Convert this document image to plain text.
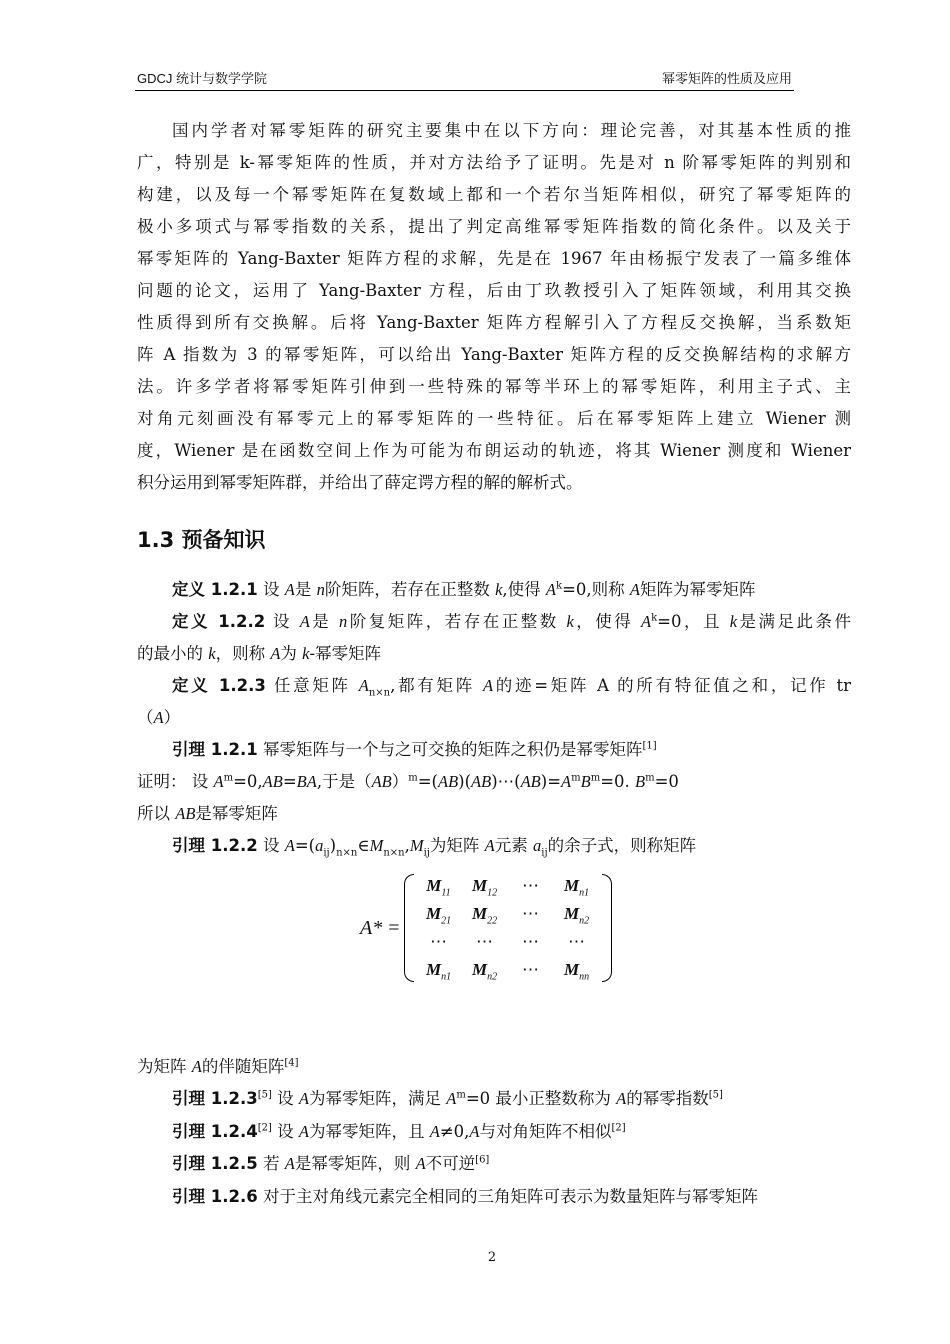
GDCJ 统计与数学学院	幂零矩阵的性质及应用
国内学者对幂零矩阵的研究主要集中在以下方向：理论完善，对其基本性质的推
广，特别是 k-幂零矩阵的性质，并对方法给予了证明。先是对 n 阶幂零矩阵的判别和
构建，以及每一个幂零矩阵在复数域上都和一个若尔当矩阵相似，研究了幂零矩阵的
极小多项式与幂零指数的关系，提出了判定高维幂零矩阵指数的简化条件。以及关于
幂零矩阵的 Yang-Baxter 矩阵方程的求解，先是在 1967 年由杨振宁发表了一篇多维体
问题的论文，运用了 Yang-Baxter 方程，后由丁玖教授引入了矩阵领域，利用其交换
性质得到所有交换解。后将 Yang-Baxter 矩阵方程解引入了方程反交换解，当系数矩
阵 A 指数为 3 的幂零矩阵，可以给出 Yang-Baxter 矩阵方程的反交换解结构的求解方
法。许多学者将幂零矩阵引伸到一些特殊的幂等半环上的幂零矩阵，利用主子式、主
对角元刻画没有幂零元上的幂零矩阵的一些特征。后在幂零矩阵上建立 Wiener 测
度，Wiener 是在函数空间上作为可能为布朗运动的轨迹，将其 Wiener 测度和 Wiener
积分运用到幂零矩阵群，并给出了薛定谔方程的解的解析式。
1.3 预备知识
定义 1.2.1 设 A是 n阶矩阵，若存在正整数 k,使得 $A^k=0$,则称 A矩阵为幂零矩阵
定义 1.2.2 设 A是 n阶复矩阵，若存在正整数 k，使得 $A^k=0$，且 k是满足此条件
的最小的 k，则称 A为 k-幂零矩阵
定义 1.2.3 任意矩阵 $A_{n\times n}$,都有矩阵 A的迹=矩阵 A 的所有特征值之和，记作 tr
（A）
引理 1.2.1 幂零矩阵与一个与之可交换的矩阵之积仍是幂零矩阵[1]
证明： 设 $A^m=0,AB=BA$,于是$(AB)^m=(AB)(AB)\cdots(AB)=A^mB^m=0$. $B^m=0$
所以 AB是幂零矩阵
引理 1.2.2 设 $A=(a_{ij})_{n\times n}\in M_{n\times n},M_{ij}$为矩阵 A元素 $a_{ij}$的余子式，则称矩阵
为矩阵 A的伴随矩阵[4]
引理 1.2.3[5] 设 A为幂零矩阵，满足 $A^m=0$ 最小正整数称为 A的幂零指数[5]
引理 1.2.4[2] 设 A为幂零矩阵，且 A≠0,A与对角矩阵不相似[2]
引理 1.2.5 若 A是幂零矩阵，则 A不可逆[6]
引理 1.2.6 对于主对角线元素完全相同的三角矩阵可表示为数量矩阵与幂零矩阵
A* =
$M_{11}$	$M_{12}$	⋯	$M_{n1}$
$M_{21}$	$M_{22}$	⋯	$M_{n2}$
⋯	⋯	⋯	⋯
$M_{n1}$	$M_{n2}$	⋯	$M_{nn}$
2
